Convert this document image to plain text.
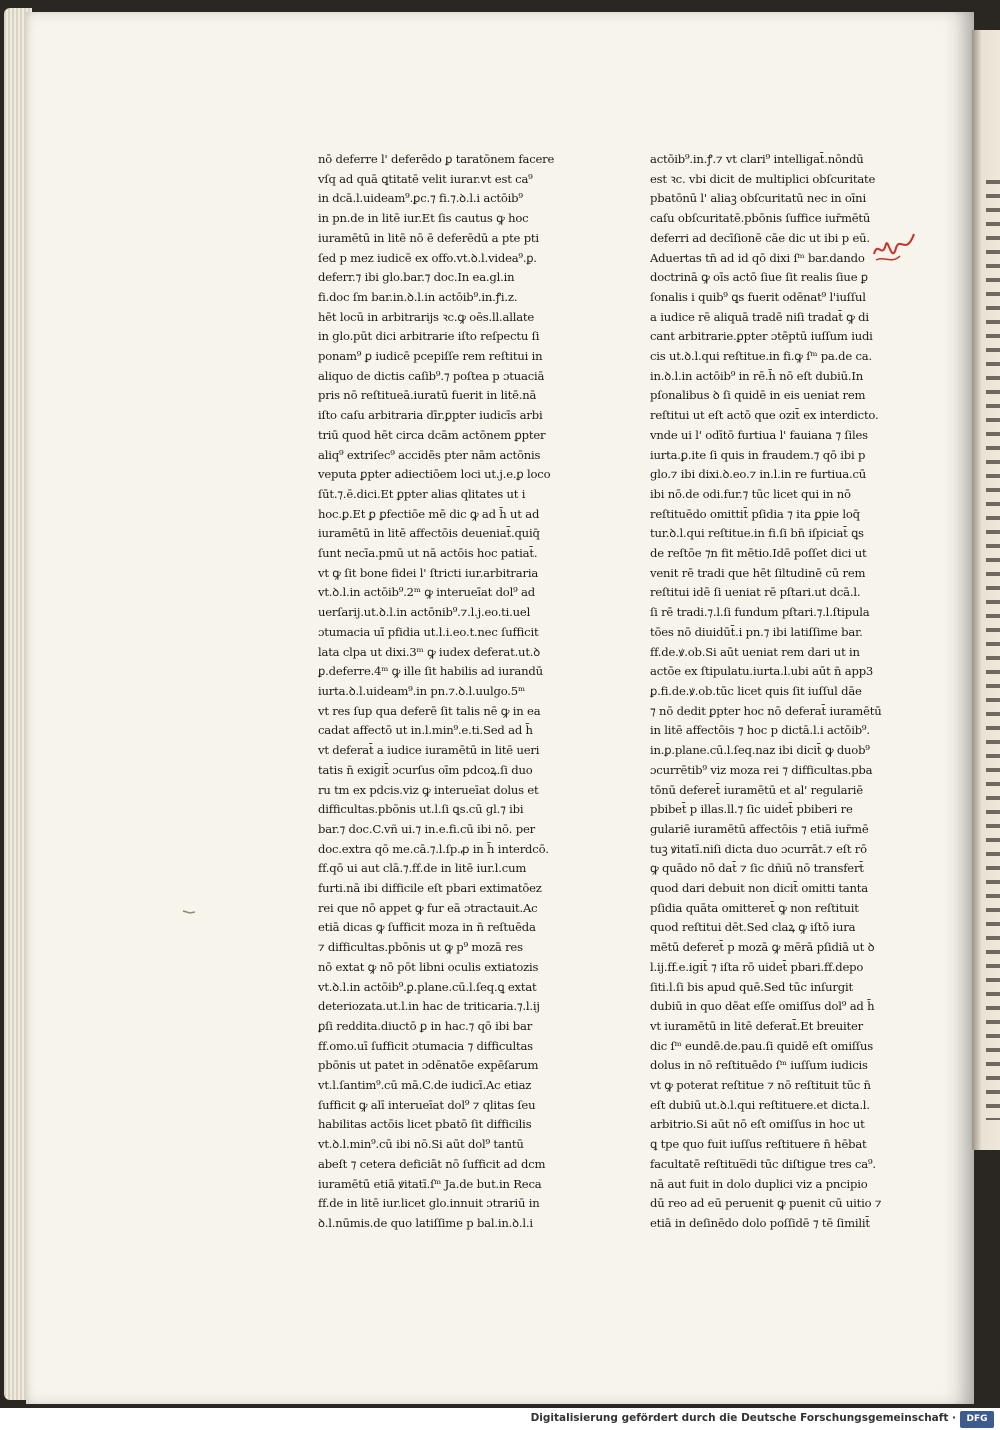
nō deferre l' deferēdo ꝑ taratōnem facere
vſq ad quā ꝗtitatē velit iurar.vt est ca⁹
in dcā.l.uideam⁹.ꝑc.⁊ fi.⁊.ꝺ.l.i actōib⁹
in pn.de in litē iur.Et ſis cautus ꝙ hoc
iuramētū in litē nō ē deferēdū a pte pti
ſed p mez iudicē ex offo.vt.ꝺ.l.videa⁹.ꝑ.
deferr.⁊ ibi glo.bar.⁊ doc.In ea.gl.in
fi.doc ſm bar.in.ꝺ.l.in actōib⁹.in.ꝭi.z.
hēt locū in arbitrarijs ꝛc.ꝙ oēs.ll.allate
in glo.pūt dici arbitrarie iſto reſpectu ſi
ponam⁹ ꝑ iudicē pcepiſſe rem reſtitui in
aliquo de dictis caſib⁹.⁊ poſtea p ɔtuaciā
pris nō reſtitueā.iuratū fuerit in litē.nā
iſto caſu arbitraria dīr.ꝑpter iudicīs arbi
triū quod hēt circa dcām actōnem ꝑpter
aliq⁹ extriſec⁹ accidēs pter nām actōnis
veputa ꝑpter adiectiōem loci ut.j.e.ꝑ loco
ſūt.⁊.ē.dici.Et ꝑpter alias qlitates ut i
hoc.ꝑ.Et ꝑ ꝑfectiōe mē dic ꝙ ad h̄ ut ad
iuramētū in litē affectōis deueniat̄.quiq̄
ſunt necīa.pmū ut nā actōis hoc patiat̄.
vt ꝙ ſit bone fidei l' ſtricti iur.arbitraria
vt.ꝺ.l.in actōib⁹.2ᵐ ꝙ interueīat dol⁹ ad
uerſarij.ut.ꝺ.l.in actōnib⁹.⁊.l.j.eo.ti.uel
ɔtumacia uī pfidia ut.l.i.eo.t.nec ſufficit
lata clpa ut dixi.3ᵐ ꝙ iudex deferat.ut.ꝺ
ꝑ.deferre.4ᵐ ꝙ ille ſit habilis ad iurandū
iurta.ꝺ.l.uideam⁹.in pn.⁊.ꝺ.l.uulgo.5ᵐ
vt res ſup qua deferē ſit talis nē ꝙ in ea
cadat affectō ut in.l.min⁹.e.ti.Sed ad h̄
vt deferat̄ a iudice iuramētū in litē ueri
tatis n̄ exigit̄ ɔcurſus oīm pdcoꝝ.ſi duo
ru tm ex pdcis.viz ꝙ interueīat dolus et
difficultas.pbōnis ut.l.ſi ꝗs.cū gl.⁊ ibi
bar.⁊ doc.C.vñ ui.⁊ in.e.fi.cū ibi nō. per
doc.extra qō me.cā.⁊.l.ſp.ꝓ in h̄ interdcō.
ff.qō ui aut clā.⁊.ff.de in litē iur.l.cum
furti.nā ibi difficile eſt pbari extimatōez
rei que nō appet ꝙ fur eā ɔtractauit.Ac
etiā dicas ꝙ ſufficit moza in n̄ reſtuēda
⁊ difficultas.pbōnis ut ꝙ p⁹ mozā res
nō extat ꝙ nō pōt libni oculis extiatozis
vt.ꝺ.l.in actōib⁹.ꝑ.plane.cū.l.ſeq.ꝗ extat
deteriozata.ut.l.in hac de triticaria.⁊.l.ij
ꝑſi reddita.diuctō ꝑ in hac.⁊ qō ibi bar
ff.omo.uī ſufficit ɔtumacia ⁊ difficultas
pbōnis ut patet in ɔdēnatōe expēſarum
vt.l.ſantim⁹.cū mā.C.de iudicī.Ac etiaz
ſufficit ꝙ alī interueīat dol⁹ ⁊ qlitas ſeu
habilitas actōis licet pbatō ſit difficilis
vt.ꝺ.l.min⁹.cū ibi nō.Si aūt dol⁹ tantū
abeſt ⁊ cetera deficiāt nō ſufficit ad dcm
iuramētū etiā ꝟitatī.ſᵐ Ja.de but.in Reca
ff.de in litē iur.licet glo.innuit ɔtrariū in
ꝺ.l.nūmis.de quo latiſſime p bal.in.ꝺ.l.i
actōib⁹.in.ꝭ.⁊ vt clari⁹ intelligat̄.nōndū
est ꝛc. vbi dicit de multiplici obſcuritate
pbatōnū l' aliaꝫ obſcuritatū nec in oīni
caſu obſcuritatē.pbōnis ſuffice iur̄mētū
deferri ad decīſionē cāe dic ut ibi p eū.
Aduertas tn̄ ad id qō dixi ſᵐ bar.dando
doctrinā ꝙ oīs actō ſiue ſit realis ſiue ꝑ
ſonalis i quib⁹ ꝗs fuerit odēnat⁹ l'iuſſul
a iudice rē aliquā tradē niſi tradat̄ ꝙ di
cant arbitrarie.ꝑpter ɔtēptū iuſſum iudi
cis ut.ꝺ.l.qui reſtitue.in fi.ꝙ ſᵐ pa.de ca.
in.ꝺ.l.in actōib⁹ in rē.h̄ nō eſt dubiū.In
pſonalibus ꝺ ſi quidē in eis ueniat rem
reſtitui ut eſt actō que ozit̄ ex interdicto.
vnde ui l' odītō furtiua l' fauiana ⁊ ſiles
iurta.ꝑ.ite ſi quis in fraudem.⁊ qō ibi p
glo.⁊ ibi dixi.ꝺ.eo.⁊ in.l.in re furtiua.cū
ibi nō.de odi.fur.⁊ tūc licet qui in nō
reſtituēdo omittit̄ pſidia ⁊ ita ꝑpie loq̄
tur.ꝺ.l.qui reſtitue.in fi.ſi bn̄ iſpiciat̄ ꝗs
de reſtōe ⁊n fit mētio.Idē poſſet dici ut
venit rē tradi que hēt ſiltudinē cū rem
reſtitui idē ſi ueniat rē pſtari.ut dcā.l.
ſi rē tradi.⁊.l.ſi fundum pſtari.⁊.l.ſtipula
tōes nō diuidūt̄.i pn.⁊ ibi latiſſime bar.
ff.de.ꝟ.ob.Si aūt ueniat rem dari ut in
actōe ex ſtipulatu.iurta.l.ubi aūt n̄ app3
ꝑ.fi.de.ꝟ.ob.tūc licet quis ſit iuſſul dāe
⁊ nō dedit ꝑpter hoc nō deferat̄ iuramētū
in litē affectōis ⁊ hoc p dictā.l.i actōib⁹.
in.ꝑ.plane.cū.l.ſeq.naz ibi dicit̄ ꝙ duob⁹
ɔcurrētib⁹ viz moza rei ⁊ difficultas.pba
tōnū deferet̄ iuramētū et al' regulariē
pbibet̄ p illas.ll.⁊ ſic uidet̄ pbiberi re
gulariē iuramētū affectōis ⁊ etiā iur̄mē
tuꝫ ꝟitatī.niſi dicta duo ɔcurrāt.⁊ eſt rō
ꝙ quādo nō dat̄ ⁊ ſic dñiū nō transfert̄
quod dari debuit non dicit̄ omitti tanta
pſidia quāta omitteret̄ ꝙ non reſtituit
quod reſtitui dēt.Sed claꝝ ꝙ iſtō iura
mētū deferet̄ p mozā ꝙ mērā pſidiā ut ꝺ
l.ij.ff.e.igit̄ ⁊ iſta rō uidet̄ pbari.ff.depo
ſiti.l.ſi bis apud quē.Sed tūc inſurgit
dubiū in quo dēat eſſe omiſſus dol⁹ ad h̄
vt iuramētū in litē deferat̄.Et breuiter
dic ſᵐ eundē.de.pau.ſi quidē eſt omiſſus
dolus in nō reſtituēdo ſᵐ iuſſum iudicis
vt ꝙ poterat reſtitue ⁊ nō reſtituit tūc n̄
eſt dubiū ut.ꝺ.l.qui reſtituere.et dicta.l.
arbitrio.Si aūt nō eſt omiſſus in hoc ut
ꝗ tpe quo fuit iuſſus reſtituere n̄ hēbat
facultatē reſtitue̅di tūc diſtigue tres ca⁹.
nā aut fuit in dolo duplici viz a pncipio
dū reo ad eū peruenit ꝙ puenit cū uitio ⁊
etiā in deſinēdo dolo poſſidē ⁊ tē ſimilit̄
Digitalisierung gefördert durch die Deutsche Forschungsgemeinschaft ·	DFG
